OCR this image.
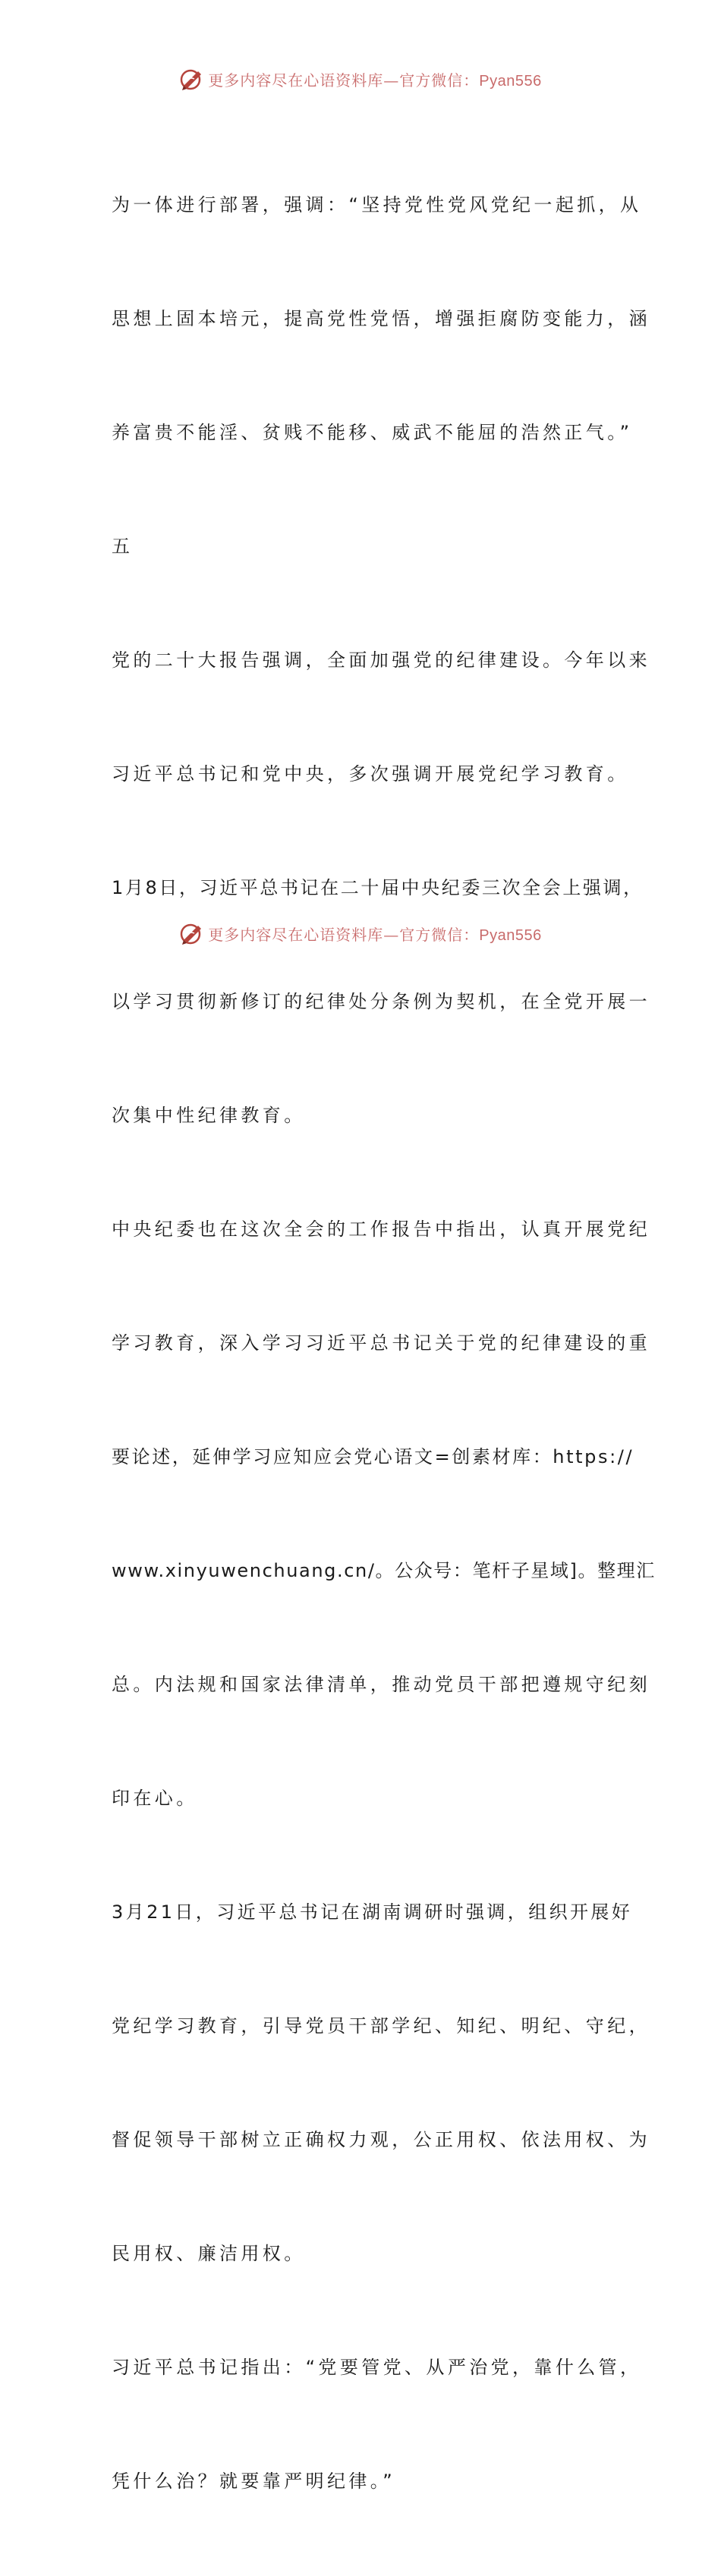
更多内容尽在心语资料库—官方微信：Pyan556

为一体进行部署，强调：“坚持党性党风党纪一起抓，从

思想上固本培元，提高党性党悟，增强拒腐防变能力，涵

养富贵不能淫、贫贱不能移、威武不能屈的浩然正气。”

五

党的二十大报告强调，全面加强党的纪律建设。今年以来

习近平总书记和党中央，多次强调开展党纪学习教育。

1月8日，习近平总书记在二十届中央纪委三次全会上强调，

以学习贯彻新修订的纪律处分条例为契机，在全党开展一

次集中性纪律教育。

中央纪委也在这次全会的工作报告中指出，认真开展党纪

学习教育，深入学习习近平总书记关于党的纪律建设的重

要论述，延伸学习应知应会党心语文=创素材库：https://

www.xinyuwenchuang.cn/。公众号：笔杆子星域]。整理汇

总。内法规和国家法律清单，推动党员干部把遵规守纪刻

印在心。

3月21日，习近平总书记在湖南调研时强调，组织开展好

党纪学习教育，引导党员干部学纪、知纪、明纪、守纪，

督促领导干部树立正确权力观，公正用权、依法用权、为

民用权、廉洁用权。

习近平总书记指出：“党要管党、从严治党，靠什么管，

凭什么治？就要靠严明纪律。”

更多内容尽在心语资料库—官方微信：Pyan556
